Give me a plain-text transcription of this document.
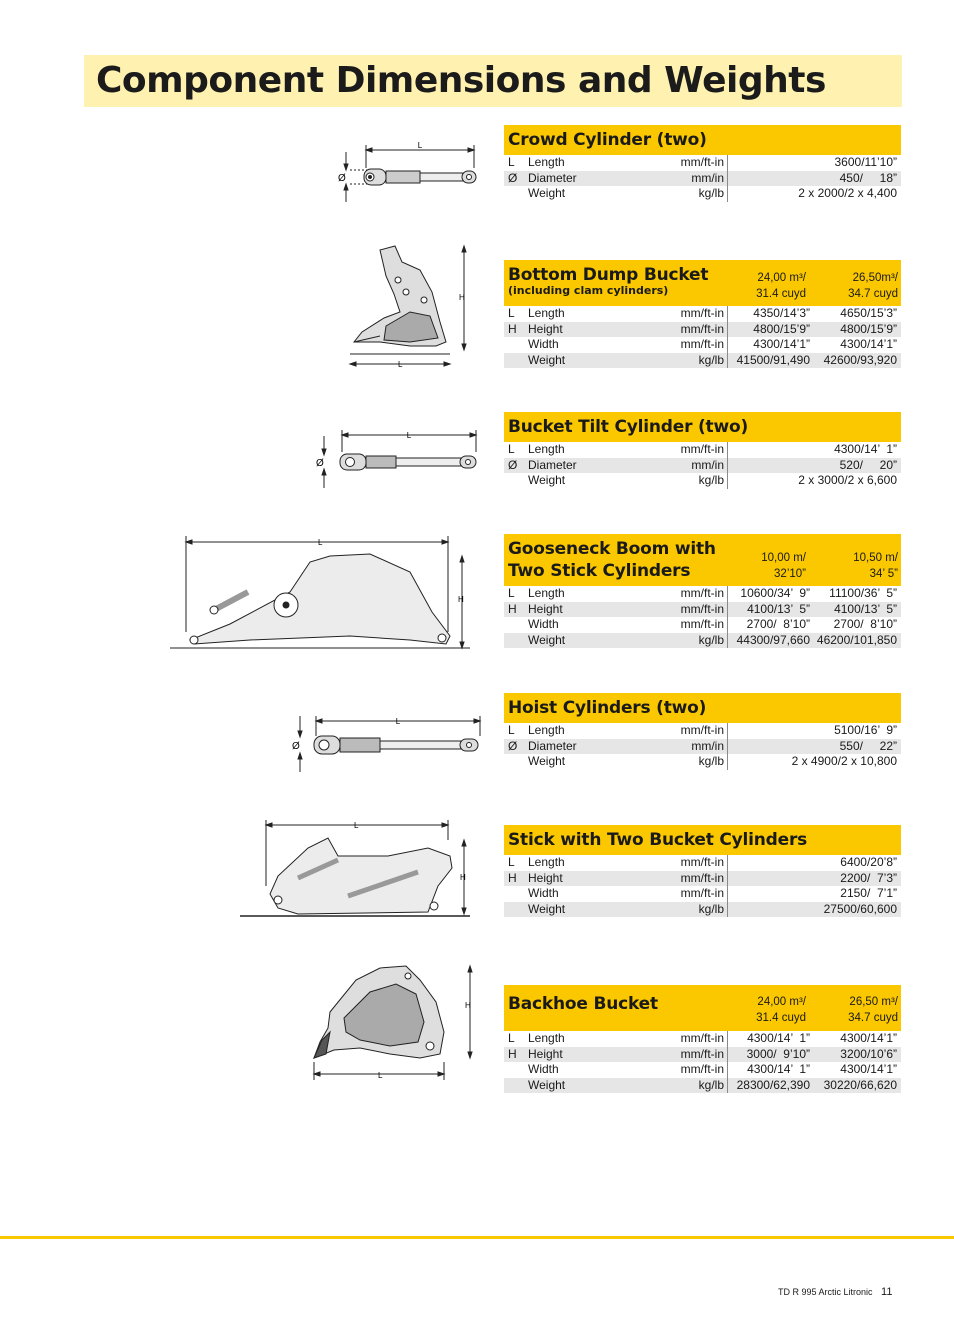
Component Dimensions and Weights
Crowd Cylinder (two)
L	Length	mm/ft-in	3600/11’10”
Ø	Diameter	mm/in	450/     18”
	Weight	kg/lb	2 x 2000/2 x 4,400
Bottom Dump Bucket
(including clam cylinders)
24,00 m³/
31.4 cuyd
26,50m³/
34.7 cuyd
L	Length	mm/ft-in	4350/14’3”	4650/15’3”
H	Height	mm/ft-in	4800/15’9”	4800/15’9”
	Width	mm/ft-in	4300/14’1”	4300/14’1”
	Weight	kg/lb	41500/91,490	42600/93,920
Bucket Tilt Cylinder (two)
L	Length	mm/ft-in	4300/14’  1”
Ø	Diameter	mm/in	520/     20”
	Weight	kg/lb	2 x 3000/2 x 6,600
Gooseneck Boom with
Two Stick Cylinders
10,00 m/
32’10”
10,50 m/
34’ 5”
L	Length	mm/ft-in	10600/34’  9”	11100/36’  5”
H	Height	mm/ft-in	4100/13’  5”	4100/13’  5”
	Width	mm/ft-in	2700/  8’10”	2700/  8’10”
	Weight	kg/lb	44300/97,660	46200/101,850
Hoist Cylinders (two)
L	Length	mm/ft-in	5100/16’  9”
Ø	Diameter	mm/in	550/     22”
	Weight	kg/lb	2 x 4900/2 x 10,800
Stick with Two Bucket Cylinders
L	Length	mm/ft-in	6400/20’8”
H	Height	mm/ft-in	2200/  7’3”
	Width	mm/ft-in	2150/  7’1”
	Weight	kg/lb	27500/60,600
Backhoe Bucket	24,00 m³/
31.4 cuyd
26,50 m³/
34.7 cuyd
L	Length	mm/ft-in	4300/14’  1”	4300/14’1”
H	Height	mm/ft-in	3000/  9’10”	3200/10’6”
	Width	mm/ft-in	4300/14’  1”	4300/14’1”
	Weight	kg/lb	28300/62,390	30220/66,620
L
Ø
H
L
L
Ø
L
H
L
Ø
L
H
H
L
TD R 995 Arctic Litronic 11
